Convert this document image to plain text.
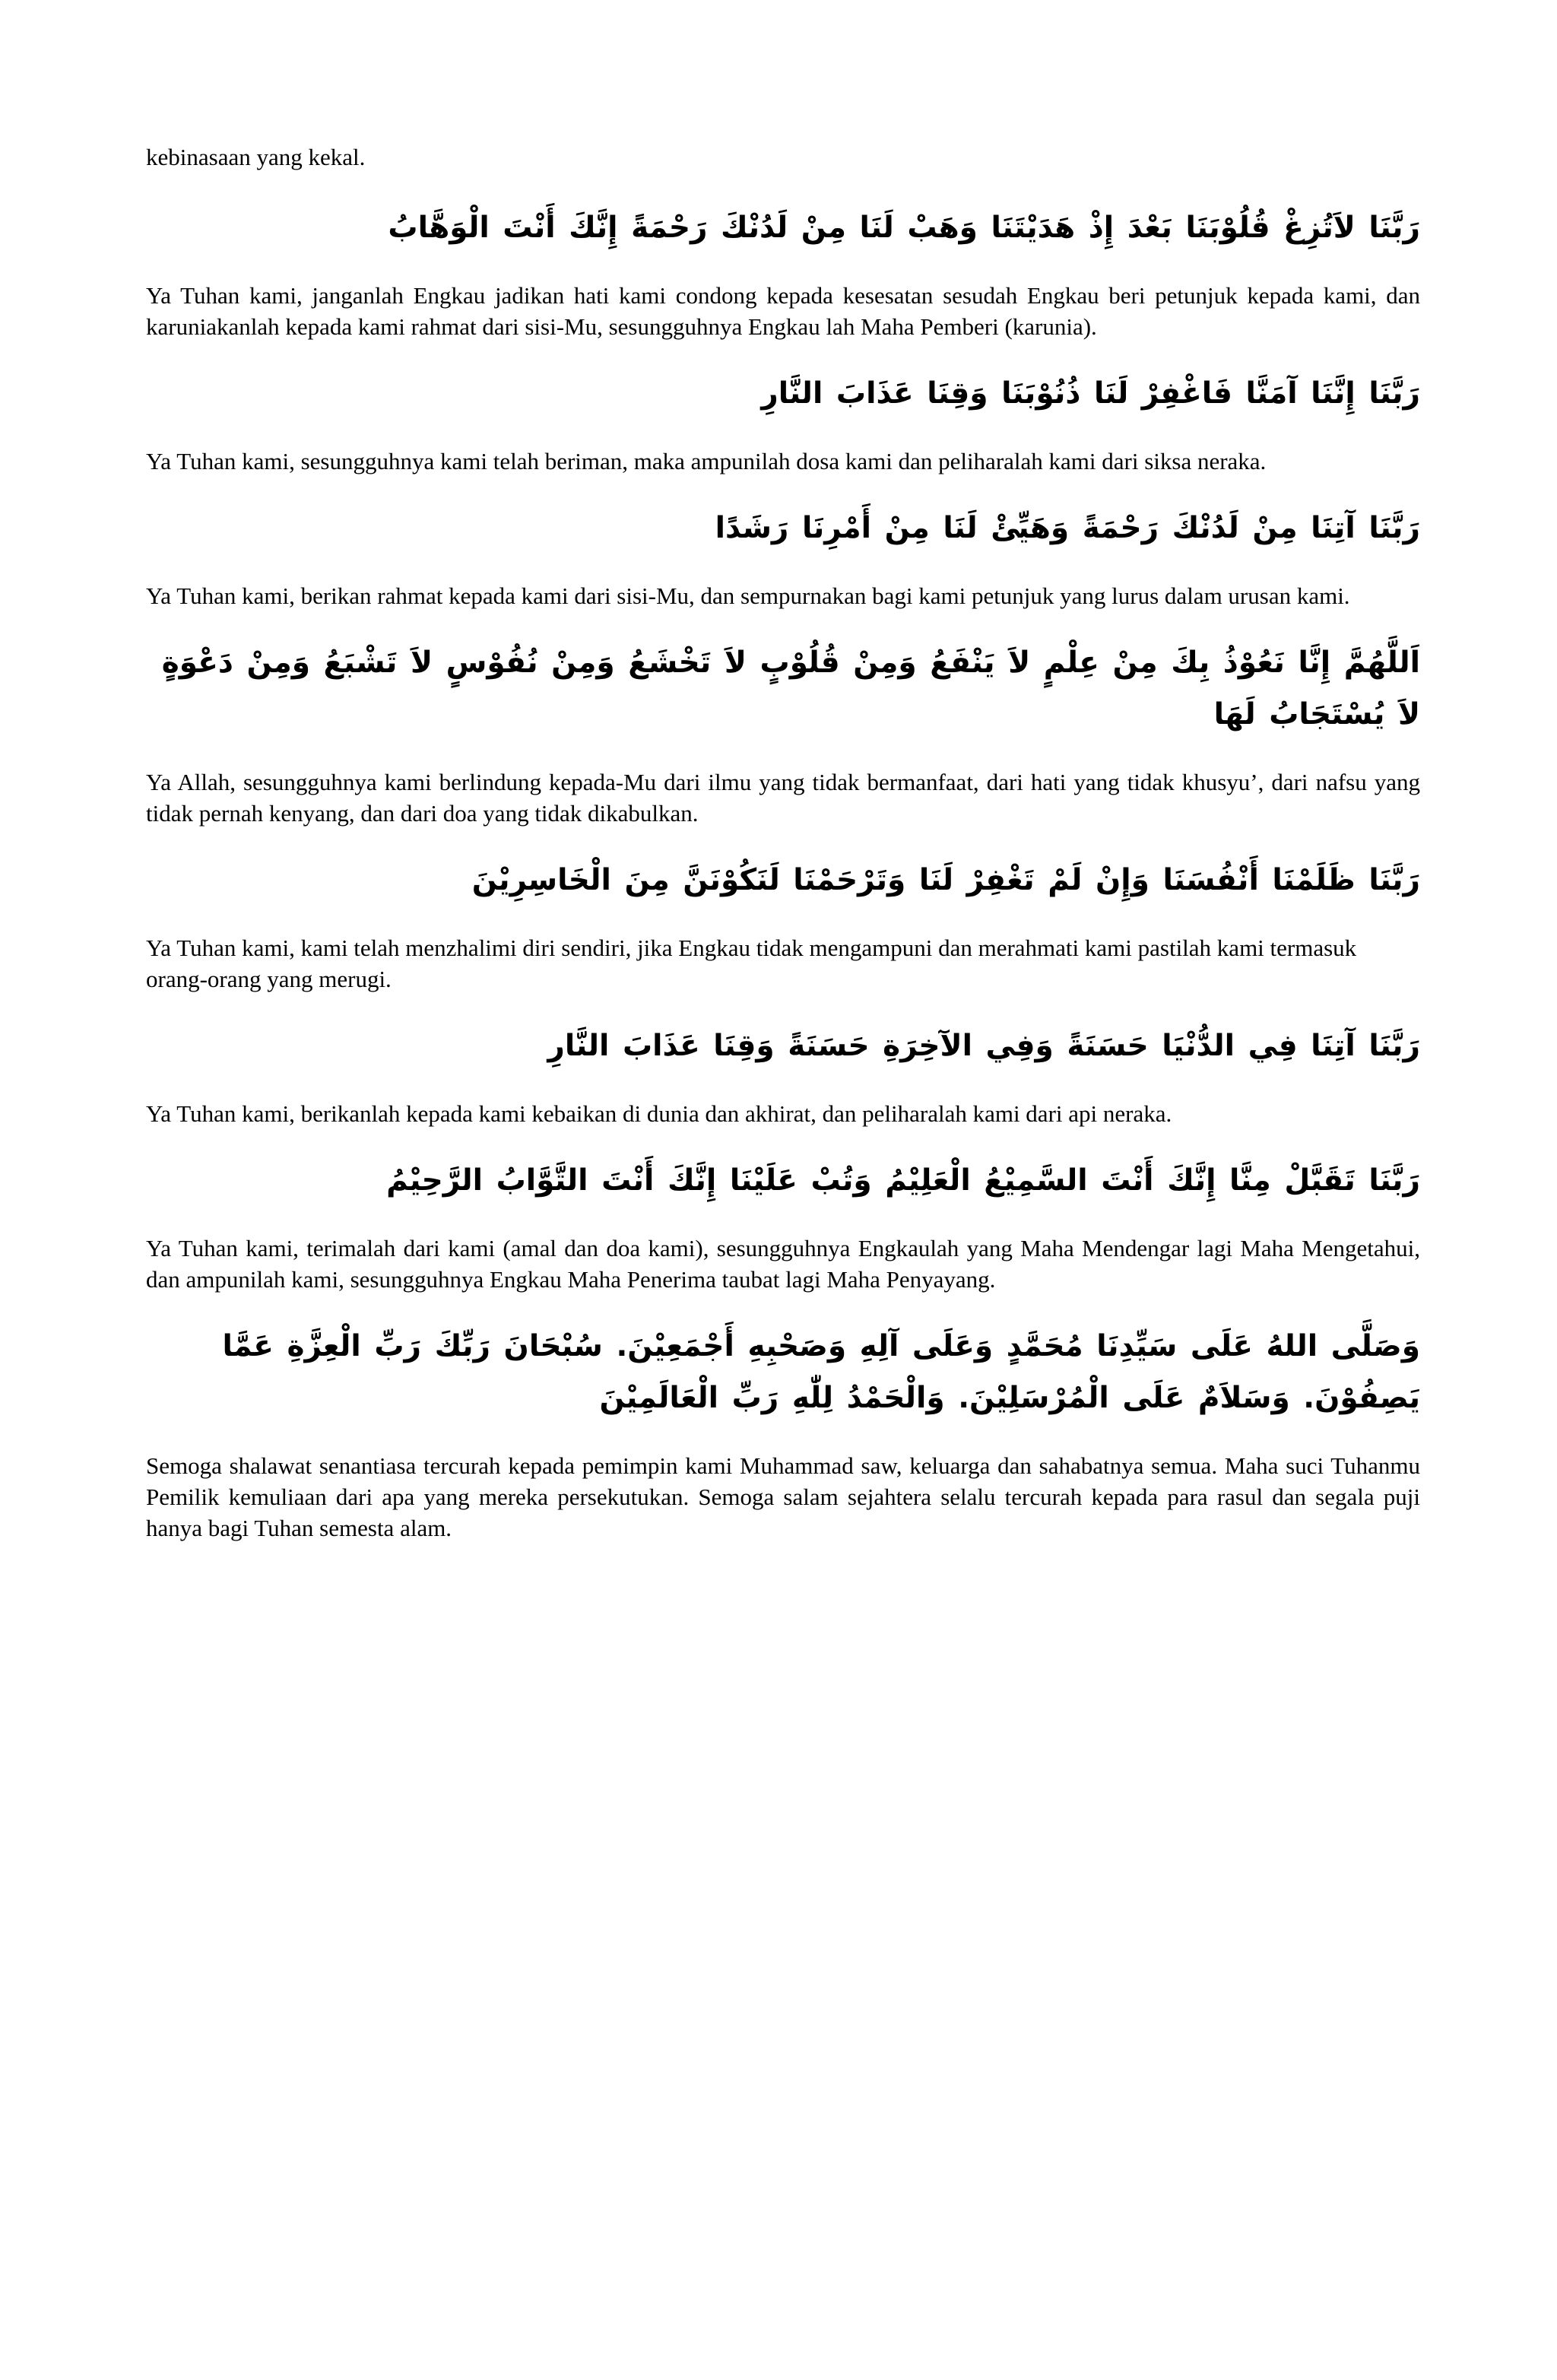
kebinasaan yang kekal.

رَبَّنَا لاَتُزِغْ قُلُوْبَنَا بَعْدَ إِذْ هَدَيْتَنَا وَهَبْ لَنَا مِنْ لَدُنْكَ رَحْمَةً إِنَّكَ أَنْتَ الْوَهَّابُ

Ya Tuhan kami, janganlah Engkau jadikan hati kami condong kepada kesesatan sesudah Engkau beri petunjuk kepada kami, dan karuniakanlah kepada kami rahmat dari sisi-Mu, sesungguhnya Engkau lah Maha Pemberi (karunia).

رَبَّنَا إِنَّنَا آمَنَّا فَاغْفِرْ لَنَا ذُنُوْبَنَا وَقِنَا عَذَابَ النَّارِ

Ya Tuhan kami, sesungguhnya kami telah beriman, maka ampunilah dosa kami dan peliharalah kami dari siksa neraka.

رَبَّنَا آتِنَا مِنْ لَدُنْكَ رَحْمَةً وَهَيِّئْ لَنَا مِنْ أَمْرِنَا رَشَدًا

Ya Tuhan kami, berikan rahmat kepada kami dari sisi-Mu, dan sempurnakan bagi kami petunjuk yang lurus dalam urusan kami.

اَللَّهُمَّ إِنَّا نَعُوْذُ بِكَ مِنْ عِلْمٍ لاَ يَنْفَعُ وَمِنْ قُلُوْبٍ لاَ تَخْشَعُ وَمِنْ نُفُوْسٍ لاَ تَشْبَعُ وَمِنْ دَعْوَةٍ لاَ يُسْتَجَابُ لَهَا

Ya Allah, sesungguhnya kami berlindung kepada-Mu dari ilmu yang tidak bermanfaat, dari hati yang tidak khusyu’, dari nafsu yang tidak pernah kenyang, dan dari doa yang tidak dikabulkan.

رَبَّنَا ظَلَمْنَا أَنْفُسَنَا وَإِنْ لَمْ تَغْفِرْ لَنَا وَتَرْحَمْنَا لَنَكُوْنَنَّ مِنَ الْخَاسِرِيْنَ

Ya Tuhan kami, kami telah menzhalimi diri sendiri, jika Engkau tidak mengampuni dan merahmati kami pastilah kami termasuk orang-orang yang merugi.

رَبَّنَا آتِنَا فِي الدُّنْيَا حَسَنَةً وَفِي الآخِرَةِ حَسَنَةً وَقِنَا عَذَابَ النَّارِ

Ya Tuhan kami, berikanlah kepada kami kebaikan di dunia dan akhirat, dan peliharalah kami dari api neraka.

رَبَّنَا تَقَبَّلْ مِنَّا إِنَّكَ أَنْتَ السَّمِيْعُ الْعَلِيْمُ وَتُبْ عَلَيْنَا إِنَّكَ أَنْتَ التَّوَّابُ الرَّحِيْمُ

Ya Tuhan kami, terimalah dari kami (amal dan doa kami), sesungguhnya Engkaulah yang Maha Mendengar lagi Maha Mengetahui, dan ampunilah kami, sesungguhnya Engkau Maha Penerima taubat lagi Maha Penyayang.

وَصَلَّى اللهُ عَلَى سَيِّدِنَا مُحَمَّدٍ وَعَلَى آلِهِ وَصَحْبِهِ أَجْمَعِيْنَ. سُبْحَانَ رَبِّكَ رَبِّ الْعِزَّةِ عَمَّا يَصِفُوْنَ. وَسَلاَمٌ عَلَى الْمُرْسَلِيْنَ. وَالْحَمْدُ لِلّٰهِ رَبِّ الْعَالَمِيْنَ

Semoga shalawat senantiasa tercurah kepada pemimpin kami Muhammad saw, keluarga dan sahabatnya semua. Maha suci Tuhanmu Pemilik kemuliaan dari apa yang mereka persekutukan. Semoga salam sejahtera selalu tercurah kepada para rasul dan segala puji hanya bagi Tuhan semesta alam.
